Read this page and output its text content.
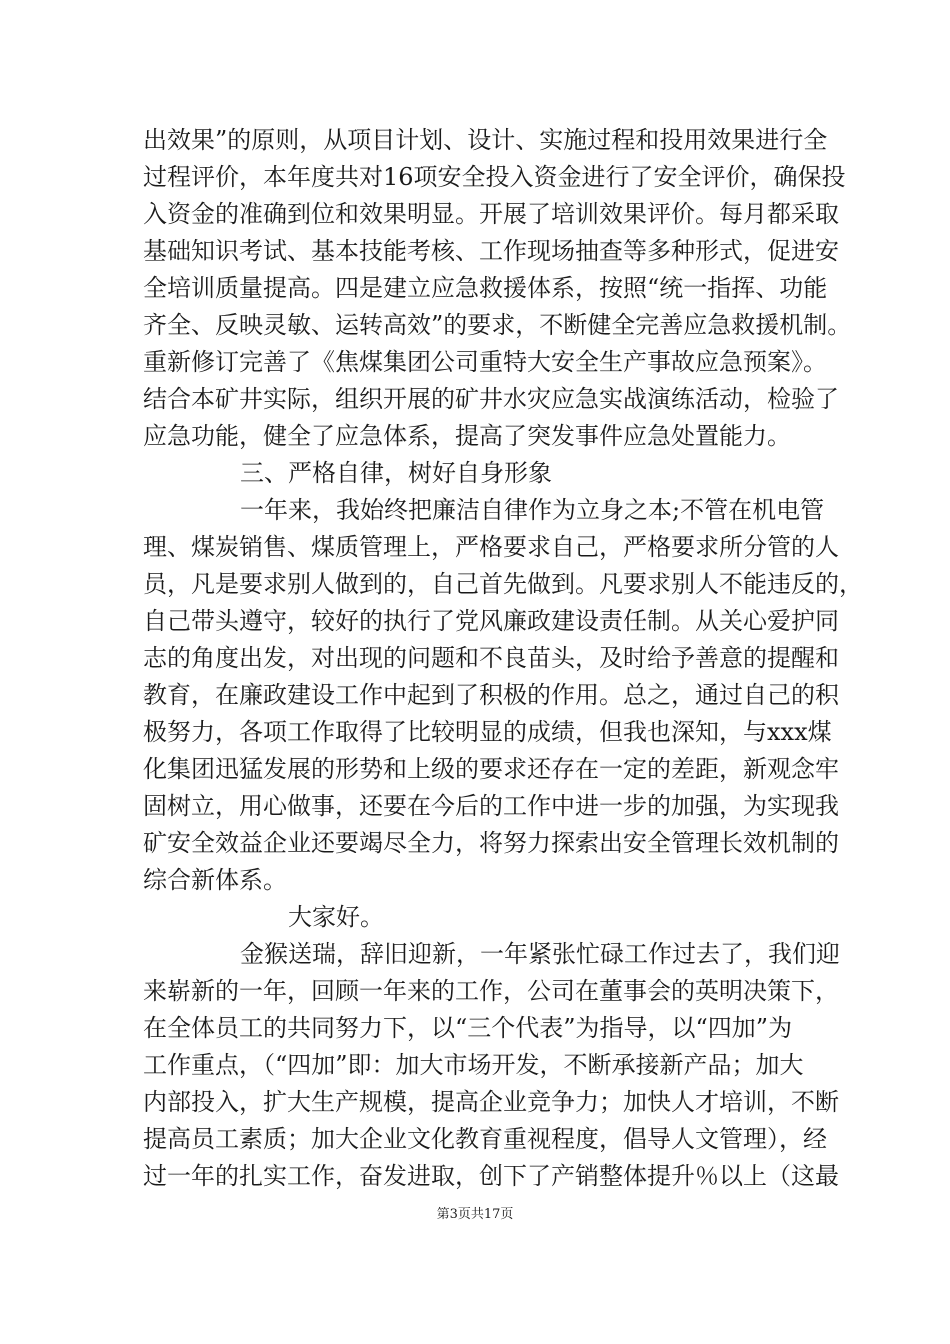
出效果”的原则，从项目计划、设计、实施过程和投用效果进行全

过程评价，本年度共对16项安全投入资金进行了安全评价，确保投

入资金的准确到位和效果明显。开展了培训效果评价。每月都采取

基础知识考试、基本技能考核、工作现场抽查等多种形式，促进安

全培训质量提高。四是建立应急救援体系，按照“统一指挥、功能

齐全、反映灵敏、运转高效”的要求，不断健全完善应急救援机制。

重新修订完善了《焦煤集团公司重特大安全生产事故应急预案》。

结合本矿井实际，组织开展的矿井水灾应急实战演练活动，检验了

应急功能，健全了应急体系，提高了突发事件应急处置能力。

三、严格自律，树好自身形象

一年来，我始终把廉洁自律作为立身之本;不管在机电管

理、煤炭销售、煤质管理上，严格要求自己，严格要求所分管的人

员，凡是要求别人做到的，自己首先做到。凡要求别人不能违反的，

自己带头遵守，较好的执行了党风廉政建设责任制。从关心爱护同

志的角度出发，对出现的问题和不良苗头，及时给予善意的提醒和

教育，在廉政建设工作中起到了积极的作用。总之，通过自己的积

极努力，各项工作取得了比较明显的成绩，但我也深知，与xxx煤

化集团迅猛发展的形势和上级的要求还存在一定的差距，新观念牢

固树立，用心做事，还要在今后的工作中进一步的加强，为实现我

矿安全效益企业还要竭尽全力，将努力探索出安全管理长效机制的

综合新体系。

大家好。

金猴送瑞，辞旧迎新，一年紧张忙碌工作过去了，我们迎

来崭新的一年，回顾一年来的工作，公司在董事会的英明决策下，

在全体员工的共同努力下，以“三个代表”为指导，以“四加”为

工作重点，（“四加”即：加大市场开发，不断承接新产品；加大

内部投入，扩大生产规模，提高企业竞争力；加快人才培训，不断

提高员工素质；加大企业文化教育重视程度，倡导人文管理），经

过一年的扎实工作，奋发进取，创下了产销整体提升％以上（这最

第3页共17页
